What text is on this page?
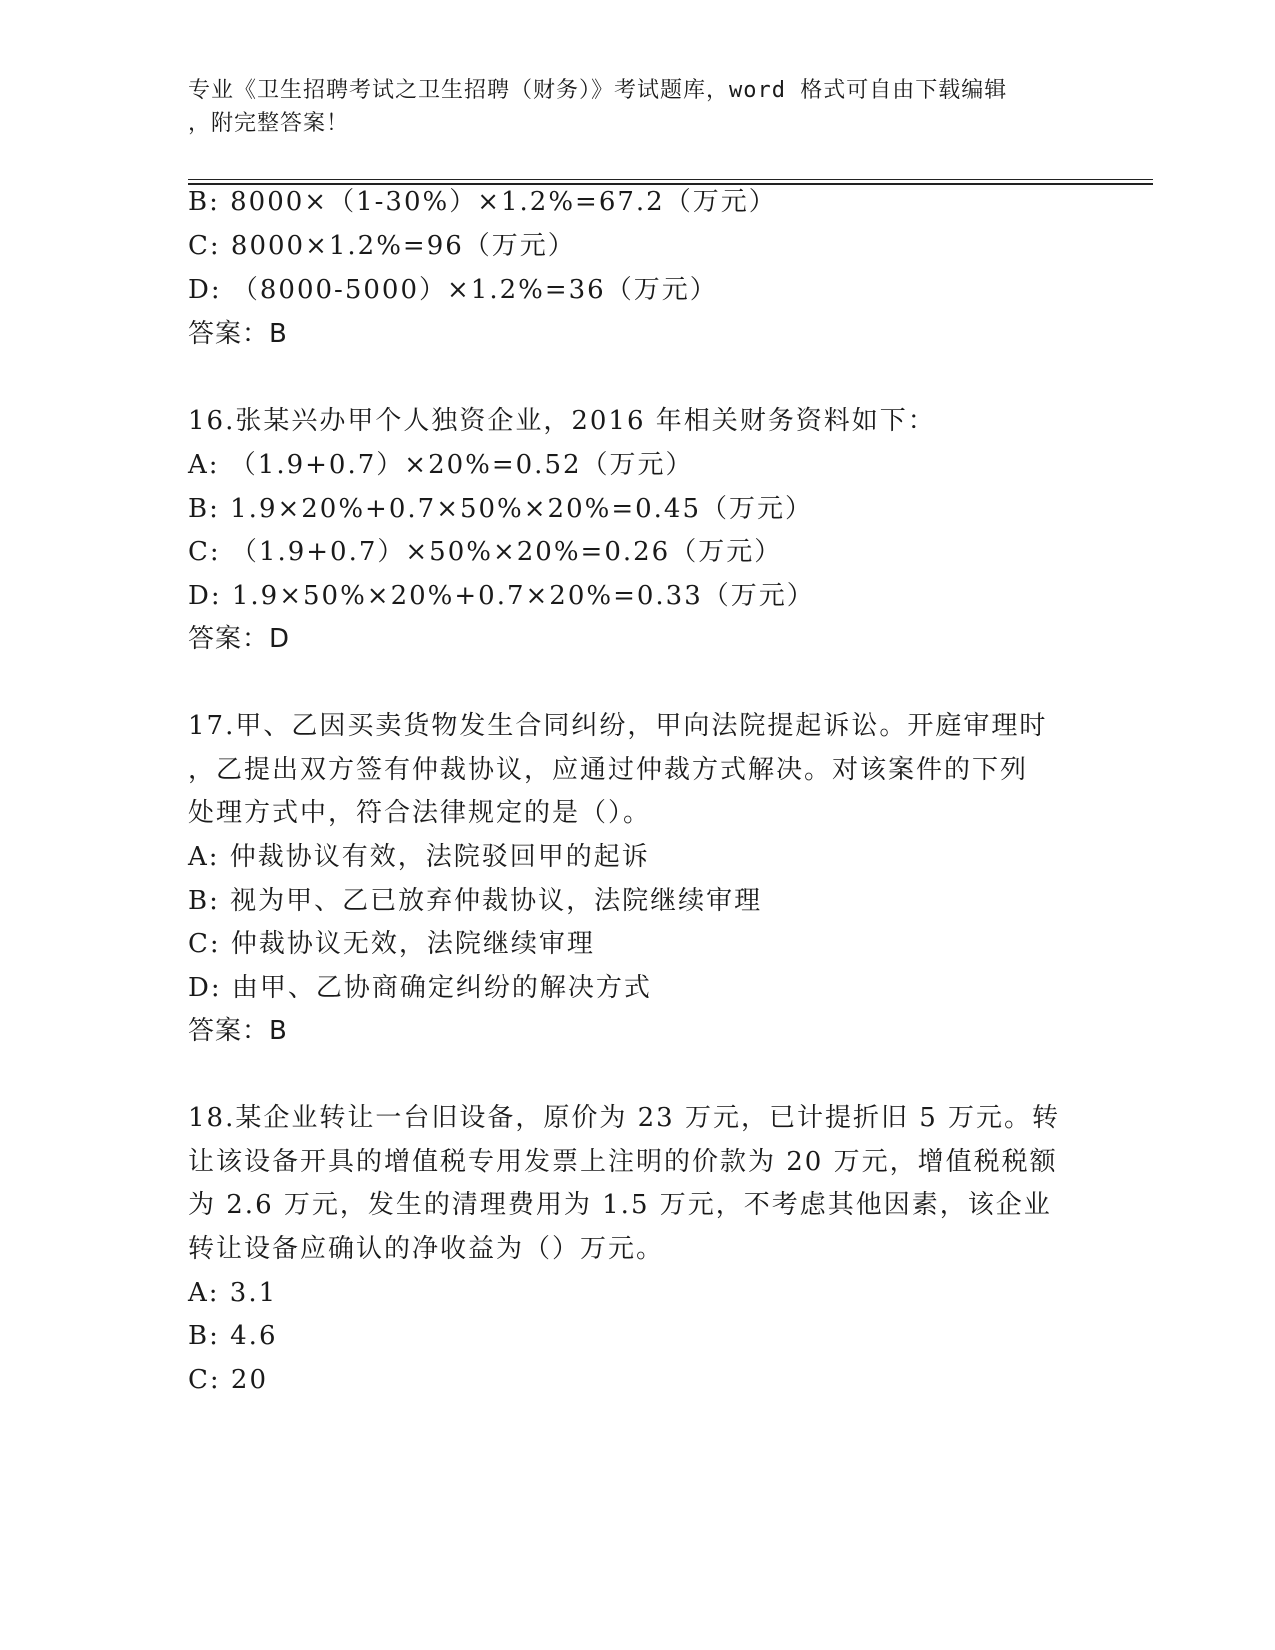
专业《卫生招聘考试之卫生招聘（财务）》考试题库，word 格式可自由下载编辑
，附完整答案！
B: 8000×（1-30%）×1.2%=67.2（万元）
C: 8000×1.2%=96（万元）
D: （8000-5000）×1.2%=36（万元）
答案：B
16.张某兴办甲个人独资企业，2016 年相关财务资料如下：
A: （1.9+0.7）×20%=0.52（万元）
B: 1.9×20%+0.7×50%×20%=0.45（万元）
C: （1.9+0.7）×50%×20%=0.26（万元）
D: 1.9×50%×20%+0.7×20%=0.33（万元）
答案：D
17.甲、乙因买卖货物发生合同纠纷，甲向法院提起诉讼。开庭审理时
，乙提出双方签有仲裁协议，应通过仲裁方式解决。对该案件的下列
处理方式中，符合法律规定的是（）。
A: 仲裁协议有效，法院驳回甲的起诉
B: 视为甲、乙已放弃仲裁协议，法院继续审理
C: 仲裁协议无效，法院继续审理
D: 由甲、乙协商确定纠纷的解决方式
答案：B
18.某企业转让一台旧设备，原价为 23 万元，已计提折旧 5 万元。转
让该设备开具的增值税专用发票上注明的价款为 20 万元，增值税税额
为 2.6 万元，发生的清理费用为 1.5 万元，不考虑其他因素，该企业
转让设备应确认的净收益为（）万元。
A: 3.1
B: 4.6
C: 20
